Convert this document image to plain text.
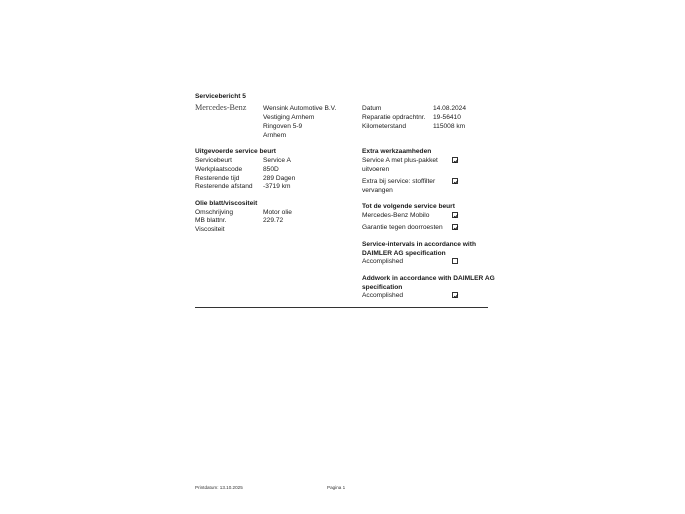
Servicebericht 5
Mercedes-Benz	Wensink Automotive B.V.
Vestiging Arnhem
Ringoven 5-9
Arnhem
Datum
Reparatie opdrachtnr.
Kilometerstand
14.08.2024
19-56410
115008 km
Uitgevoerde service beurt
Servicebeurt
Werkplaatscode
Resterende tijd
Resterende afstand
Service A
850D
289 Dagen
-3719 km
Olie blatt/viscositeit
Omschrijving
MB blattnr.
Viscositeit
Motor olie
229.72
Extra werkzaamheden
Service A met plus-pakket
uitvoeren
Extra bij service: stoffilter
vervangen
Tot de volgende service beurt
Mercedes-Benz Mobilo
Garantie tegen doorroesten
Service-intervals in accordance with
DAIMLER AG specification
Accomplished
Addwork in accordance with DAIMLER AG
specification
Accomplished
Printdatum: 13.10.2025	Pagina 1
